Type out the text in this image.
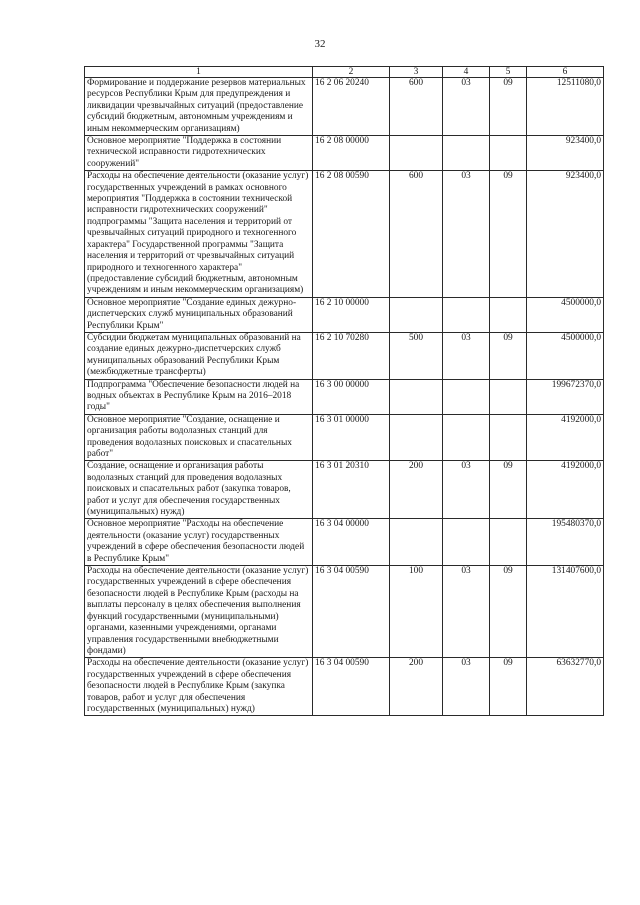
32
1	2	3	4	5	6
Формирование и поддержание резервов материальных ресурсов Республики Крым для предупреждения и ликвидации чрезвычайных ситуаций (предоставление субсидий бюджетным, автономным учреждениям и иным некоммерческим организациям)	16 2 06 20240	600	03	09	12511080,0
Основное мероприятие "Поддержка в состоянии технической исправности гидротехнических сооружений"	16 2 08 00000				923400,0
Расходы на обеспечение деятельности (оказание услуг) государственных учреждений в рамках основного мероприятия "Поддержка в состоянии технической исправности гидротехнических сооружений" подпрограммы "Защита населения и территорий от чрезвычайных ситуаций природного и техногенного характера" Государственной программы "Защита населения и территорий от чрезвычайных ситуаций природного и техногенного характера" (предоставление субсидий бюджетным, автономным учреждениям и иным некоммерческим организациям)	16 2 08 00590	600	03	09	923400,0
Основное мероприятие "Создание единых дежурно-диспетчерских служб муниципальных образований Республики Крым"	16 2 10 00000				4500000,0
Субсидии бюджетам муниципальных образований на создание единых дежурно-диспетчерских служб муниципальных образований Республики Крым (межбюджетные трансферты)	16 2 10 70280	500	03	09	4500000,0
Подпрограмма "Обеспечение безопасности людей на водных объектах в Республике Крым на 2016–2018 годы"	16 3 00 00000				199672370,0
Основное мероприятие "Создание, оснащение и организация работы водолазных станций для проведения водолазных поисковых и спасательных работ"	16 3 01 00000				4192000,0
Создание, оснащение и организация работы водолазных станций для проведения водолазных поисковых и спасательных работ (закупка товаров, работ и услуг для обеспечения государственных (муниципальных) нужд)	16 3 01 20310	200	03	09	4192000,0
Основное мероприятие "Расходы на обеспечение деятельности (оказание услуг) государственных учреждений в сфере обеспечения безопасности людей в Республике Крым"	16 3 04 00000				195480370,0
Расходы на обеспечение деятельности (оказание услуг) государственных учреждений в сфере обеспечения безопасности людей в Республике Крым (расходы на выплаты персоналу в целях обеспечения выполнения функций государственными (муниципальными) органами, казенными учреждениями, органами управления государственными внебюджетными фондами)	16 3 04 00590	100	03	09	131407600,0
Расходы на обеспечение деятельности (оказание услуг) государственных учреждений в сфере обеспечения безопасности людей в Республике Крым (закупка товаров, работ и услуг для обеспечения государственных (муниципальных) нужд)	16 3 04 00590	200	03	09	63632770,0
